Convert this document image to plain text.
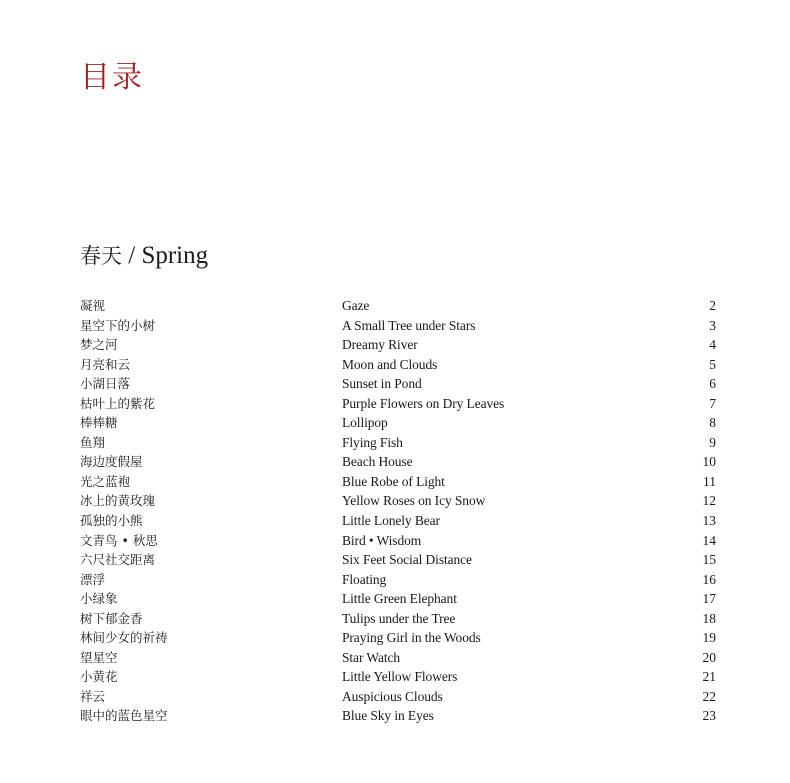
目录
春天 / Spring
凝视	Gaze	2
星空下的小树	A Small Tree under Stars	3
梦之河	Dreamy River	4
月亮和云	Moon and Clouds	5
小湖日落	Sunset in Pond	6
枯叶上的紫花	Purple Flowers on Dry Leaves	7
棒棒糖	Lollipop	8
鱼翔	Flying Fish	9
海边度假屋	Beach House	10
光之蓝袍	Blue Robe of Light	11
冰上的黄玫瑰	Yellow Roses on Icy Snow	12
孤独的小熊	Little Lonely Bear	13
文青鸟 • 秋思	Bird • Wisdom	14
六尺社交距离	Six Feet Social Distance	15
漂浮	Floating	16
小绿象	Little Green Elephant	17
树下郁金香	Tulips under the Tree	18
林间少女的祈祷	Praying Girl in the Woods	19
望星空	Star Watch	20
小黄花	Little Yellow Flowers	21
祥云	Auspicious Clouds	22
眼中的蓝色星空	Blue Sky in Eyes	23
